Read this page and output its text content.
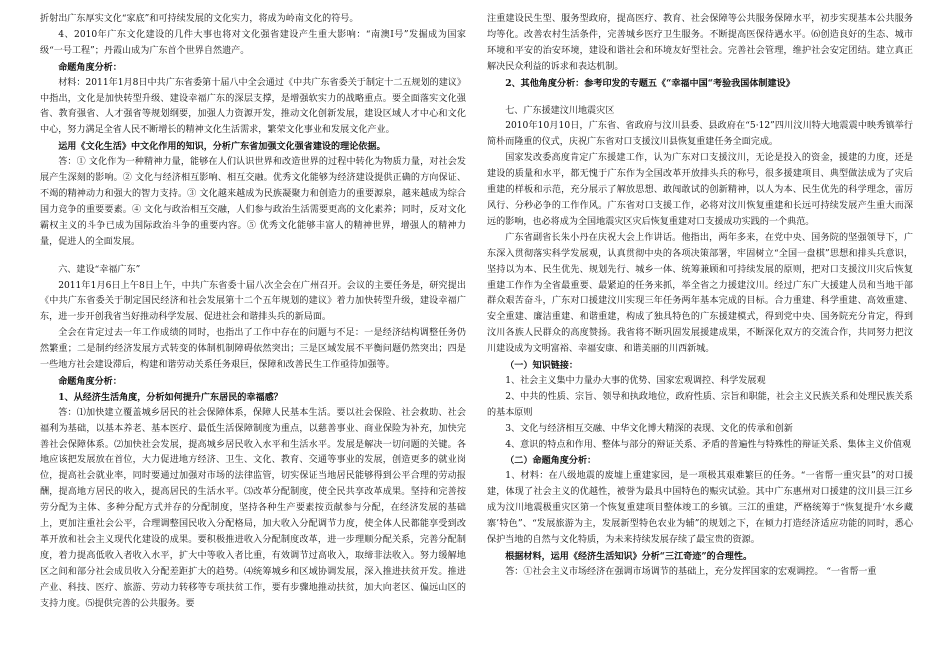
折射出广东厚实文化“家底”和可持续发展的文化实力，将成为岭南文化的符号。

4、2010年广东文化建设的几件大事也将对文化强省建设产生重大影响：“南澳Ⅰ号”发掘成为国家级“一号工程”；丹霞山成为广东首个世界自然遗产。

命题角度分析：

材料：2011年1月8日中共广东省委第十届八中全会通过《中共广东省委关于制定十二五规划的建议》中指出，文化是加快转型升级、建设幸福广东的深层支撑，是增强软实力的战略重点。要全面落实文化强省、教育强省、人才强省等规划纲要，加强人力资源开发，推动文化创新发展，建设区域人才中心和文化中心，努力满足全省人民不断增长的精神文化生活需求，繁荣文化事业和发展文化产业。

运用《文化生活》中文化作用的知识，分析广东省加强文化强省建设的理论依据。

答：① 文化作为一种精神力量，能够在人们认识世界和改造世界的过程中转化为物质力量，对社会发展产生深刻的影响。② 文化与经济相互影响、相互交融。优秀文化能够为经济建设提供正确的方向保证、不竭的精神动力和强大的智力支持。③ 文化越来越成为民族凝聚力和创造力的重要源泉，越来越成为综合国力竞争的重要要素。④ 文化与政治相互交融，人们参与政治生活需要更高的文化素养；同时，反对文化霸权主义的斗争已成为国际政治斗争的重要内容。⑤ 优秀文化能够丰富人的精神世界，增强人的精神力量，促进人的全面发展。

六、建设“幸福广东”

2011年1月6日上午8日上午，中共广东省委十届八次全会在广州召开。会议的主要任务是，研究提出《中共广东省委关于制定国民经济和社会发展第十二个五年规划的建议》着力加快转型升级，建设幸福广东，进一步开创我省当好推动科学发展、促进社会和谐排头兵的新局面。

全会在肯定过去一年工作成绩的同时，也指出了工作中存在的问题与不足：一是经济结构调整任务仍然繁重；二是制约经济发展方式转变的体制机制障碍依然突出；三是区域发展不平衡问题仍然突出；四是一些地方社会建设滞后，构建和谐劳动关系任务艰巨，保障和改善民生工作亟待加强等。

命题角度分析：

1、从经济生活角度，分析如何提升广东居民的幸福感？

答：⑴加快建立覆盖城乡居民的社会保障体系，保障人民基本生活。要以社会保险、社会救助、社会福利为基础，以基本养老、基本医疗、最低生活保障制度为重点，以慈善事业、商业保险为补充，加快完善社会保障体系。⑵加快社会发展，提高城乡居民收入水平和生活水平。发展是解决一切问题的关键。各地应该把发展放在首位，大力促进地方经济、卫生、文化、教育、交通等事业的发展，创造更多的就业岗位，提高社会就业率，同时要通过加强对市场的法律监管，切实保证当地居民能够得到公平合理的劳动报酬，提高地方居民的收入，提高居民的生活水平。⑶改革分配制度，使全民共享改革成果。坚持和完善按劳分配为主体、多种分配方式并存的分配制度，坚持各种生产要素按贡献参与分配，在经济发展的基础上，更加注重社会公平，合理调整国民收入分配格局，加大收入分配调节力度，使全体人民都能享受到改革开放和社会主义现代化建设的成果。要积极推进收入分配制度改革，进一步理顺分配关系，完善分配制度，着力提高低收入者收入水平，扩大中等收入者比重，有效调节过高收入，取缔非法收入。努力缓解地区之间和部分社会成员收入分配差距扩大的趋势。⑷统筹城乡和区域协调发展，深入推进扶贫开发。推进产业、科技、医疗、旅游、劳动力转移等专项扶贫工作，要有步骤地推动扶贫，加大向老区、偏远山区的支持力度。⑸提供完善的公共服务。要

注重建设民生型、服务型政府，提高医疗、教育、社会保障等公共服务保障水平，初步实现基本公共服务均等化。改善农村生活条件，完善城乡医疗卫生服务。不断提高医保待遇水平。⑹创造良好的生态、城市环境和平安的治安环境，建设和谐社会和环境友好型社会。完善社会管理，维护社会安定团结。建立真正解决民众利益的诉求和表达机制。

2、其他角度分析：参考印发的专题五《“幸福中国“考验我国体制建设》

七、广东援建汶川地震灾区

2010年10月10日，广东省、省政府与汶川县委、县政府在“5·12”四川汶川特大地震震中映秀镇举行简朴而隆重的仪式，庆祝广东省对口支援汶川县恢复重建任务全面完成。

国家发改委高度肯定广东援建工作，认为广东对口支援汶川，无论是投入的资金，援建的力度，还是建设的质量和水平，都无愧于广东作为全国改革开放排头兵的称号，很多援建项目、典型做法成为了灾后重建的样板和示范，充分展示了解放思想、敢闯敢试的创新精神，以人为本、民生优先的科学理念，雷厉风行、分秒必争的工作作风。广东省对口支援工作，必将对汶川恢复重建和长远可持续发展产生重大而深远的影响，也必将成为全国地震灾区灾后恢复重建对口支援成功实践的一个典范。

广东省副省长朱小丹在庆祝大会上作讲话。他指出，两年多来，在党中央、国务院的坚强领导下，广东深入贯彻落实科学发展观，认真贯彻中央的各项决策部署，牢固树立“全国一盘棋”思想和排头兵意识，坚持以为本、民生优先、规划先行、城乡一体、统筹兼顾和可持续发展的原则，把对口支援汶川灾后恢复重建工作作为全省最重要、最紧迫的任务来抓，举全省之力援建汶川。经过广东广大援建人员和当地干部群众艰苦奋斗，广东对口援建汶川实现三年任务两年基本完成的目标。合力重建、科学重建、高效重建、安全重建、廉洁重建、和谐重建，构成了独具特色的广东援建模式，得到党中央、国务院充分肯定，得到汶川各族人民群众的高度赞扬。我省将不断巩固发展援建成果，不断深化双方的交流合作，共同努力把汶川建设成为文明富裕、幸福安康、和谐美丽的川西新城。

（一）知识链接：

1、社会主义集中力量办大事的优势、国家宏观调控、科学发展观

2、中共的性质、宗旨、领导和执政地位，政府性质、宗旨和职能，社会主义民族关系和处理民族关系的基本原则

3、文化与经济相互交融、中华文化博大精深的表现、文化的传承和创新

4、意识的特点和作用、整体与部分的辩证关系、矛盾的普遍性与特殊性的辩证关系、集体主义价值观

（二）命题角度分析：

1、材料：在八级地震的废墟上重建家园，是一项极其艰难繁巨的任务。“一省帮一重灾县”的对口援建，体现了社会主义的优越性，被誉为最具中国特色的赈灾试验。其中广东惠州对口援建的汶川县三江乡成为汶川地震极重灾区第一个恢复重建项目整体竣工的乡镇。三江的重建，严格统筹于“恢复提升‘水乡藏寨’特色”、“发展旅游为主，发展新型特色农业为辅”的规划之下，在倾力打造经济适应功能的同时，悉心保护当地的自然与文化特质，为未来持续发展存续了最宝贵的资源。

根据材料，运用《经济生活知识》分析“三江奇迹”的合理性。

答：①社会主义市场经济在强调市场调节的基础上，充分发挥国家的宏观调控。 “一省帮一重
